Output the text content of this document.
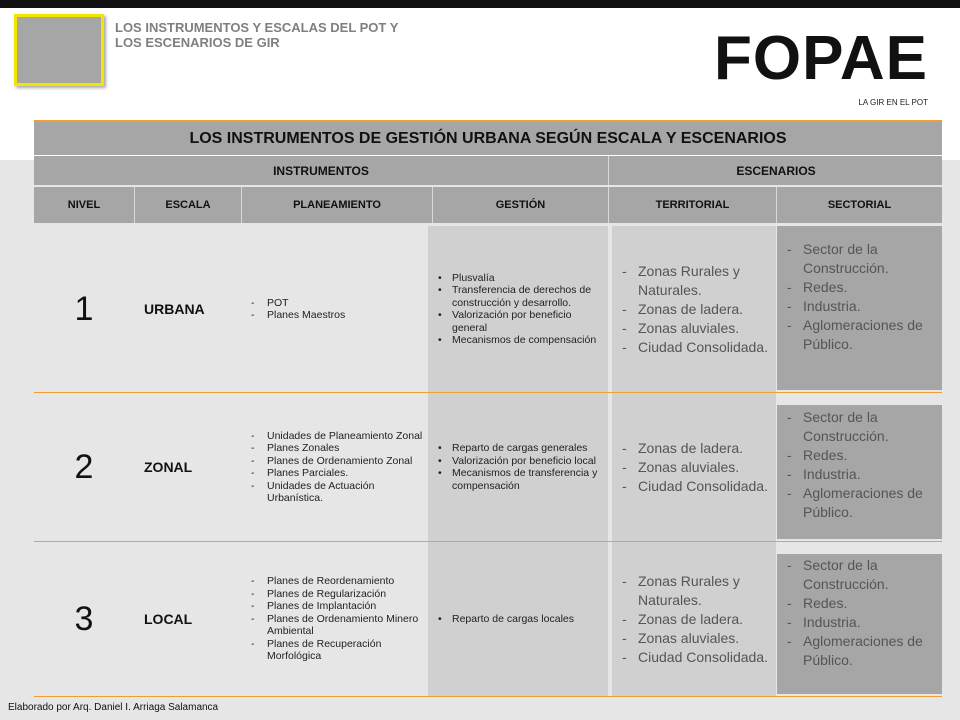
LOS INSTRUMENTOS Y ESCALAS DEL POT Y
LOS ESCENARIOS DE GIR	FOPAE
LA GIR EN EL POT
LOS INSTRUMENTOS DE GESTIÓN URBANA SEGÚN ESCALA Y ESCENARIOS
INSTRUMENTOS	ESCENARIOS
NIVEL	ESCALA	PLANEAMIENTO	GESTIÓN	TERRITORIAL	SECTORIAL
1	URBANA
-	POT
- Planes Maestros
• Plusvalía
• Transferencia de derechos de construcción y desarrollo.
• Valorización por beneficio general
• Mecanismos de compensación
- Zonas Rurales y Naturales.
- Zonas de ladera.
- Zonas aluviales.
- Ciudad Consolidada.
- Sector de la Construcción.
- Redes.
- Industria.
- Aglomeraciones de Público.
2	ZONAL
- Unidades de Planeamiento Zonal
- Planes Zonales
- Planes de Ordenamiento Zonal
- Planes Parciales.
- Unidades de Actuación Urbanística.
• Reparto de cargas generales
• Valorización por beneficio local
• Mecanismos de transferencia y compensación
- Zonas de ladera.
- Zonas aluviales.
- Ciudad Consolidada.
- Sector de la Construcción.
- Redes.
- Industria.
- Aglomeraciones de Público.
3	LOCAL
- Planes de Reordenamiento
- Planes de Regularización
- Planes de Implantación
- Planes de Ordenamiento Minero Ambiental
- Planes de Recuperación Morfológica
• Reparto de cargas locales
- Zonas Rurales y Naturales.
- Zonas de ladera.
- Zonas aluviales.
- Ciudad Consolidada.
- Sector de la Construcción.
- Redes.
- Industria.
- Aglomeraciones de Público.
Elaborado por Arq. Daniel I. Arriaga Salamanca
